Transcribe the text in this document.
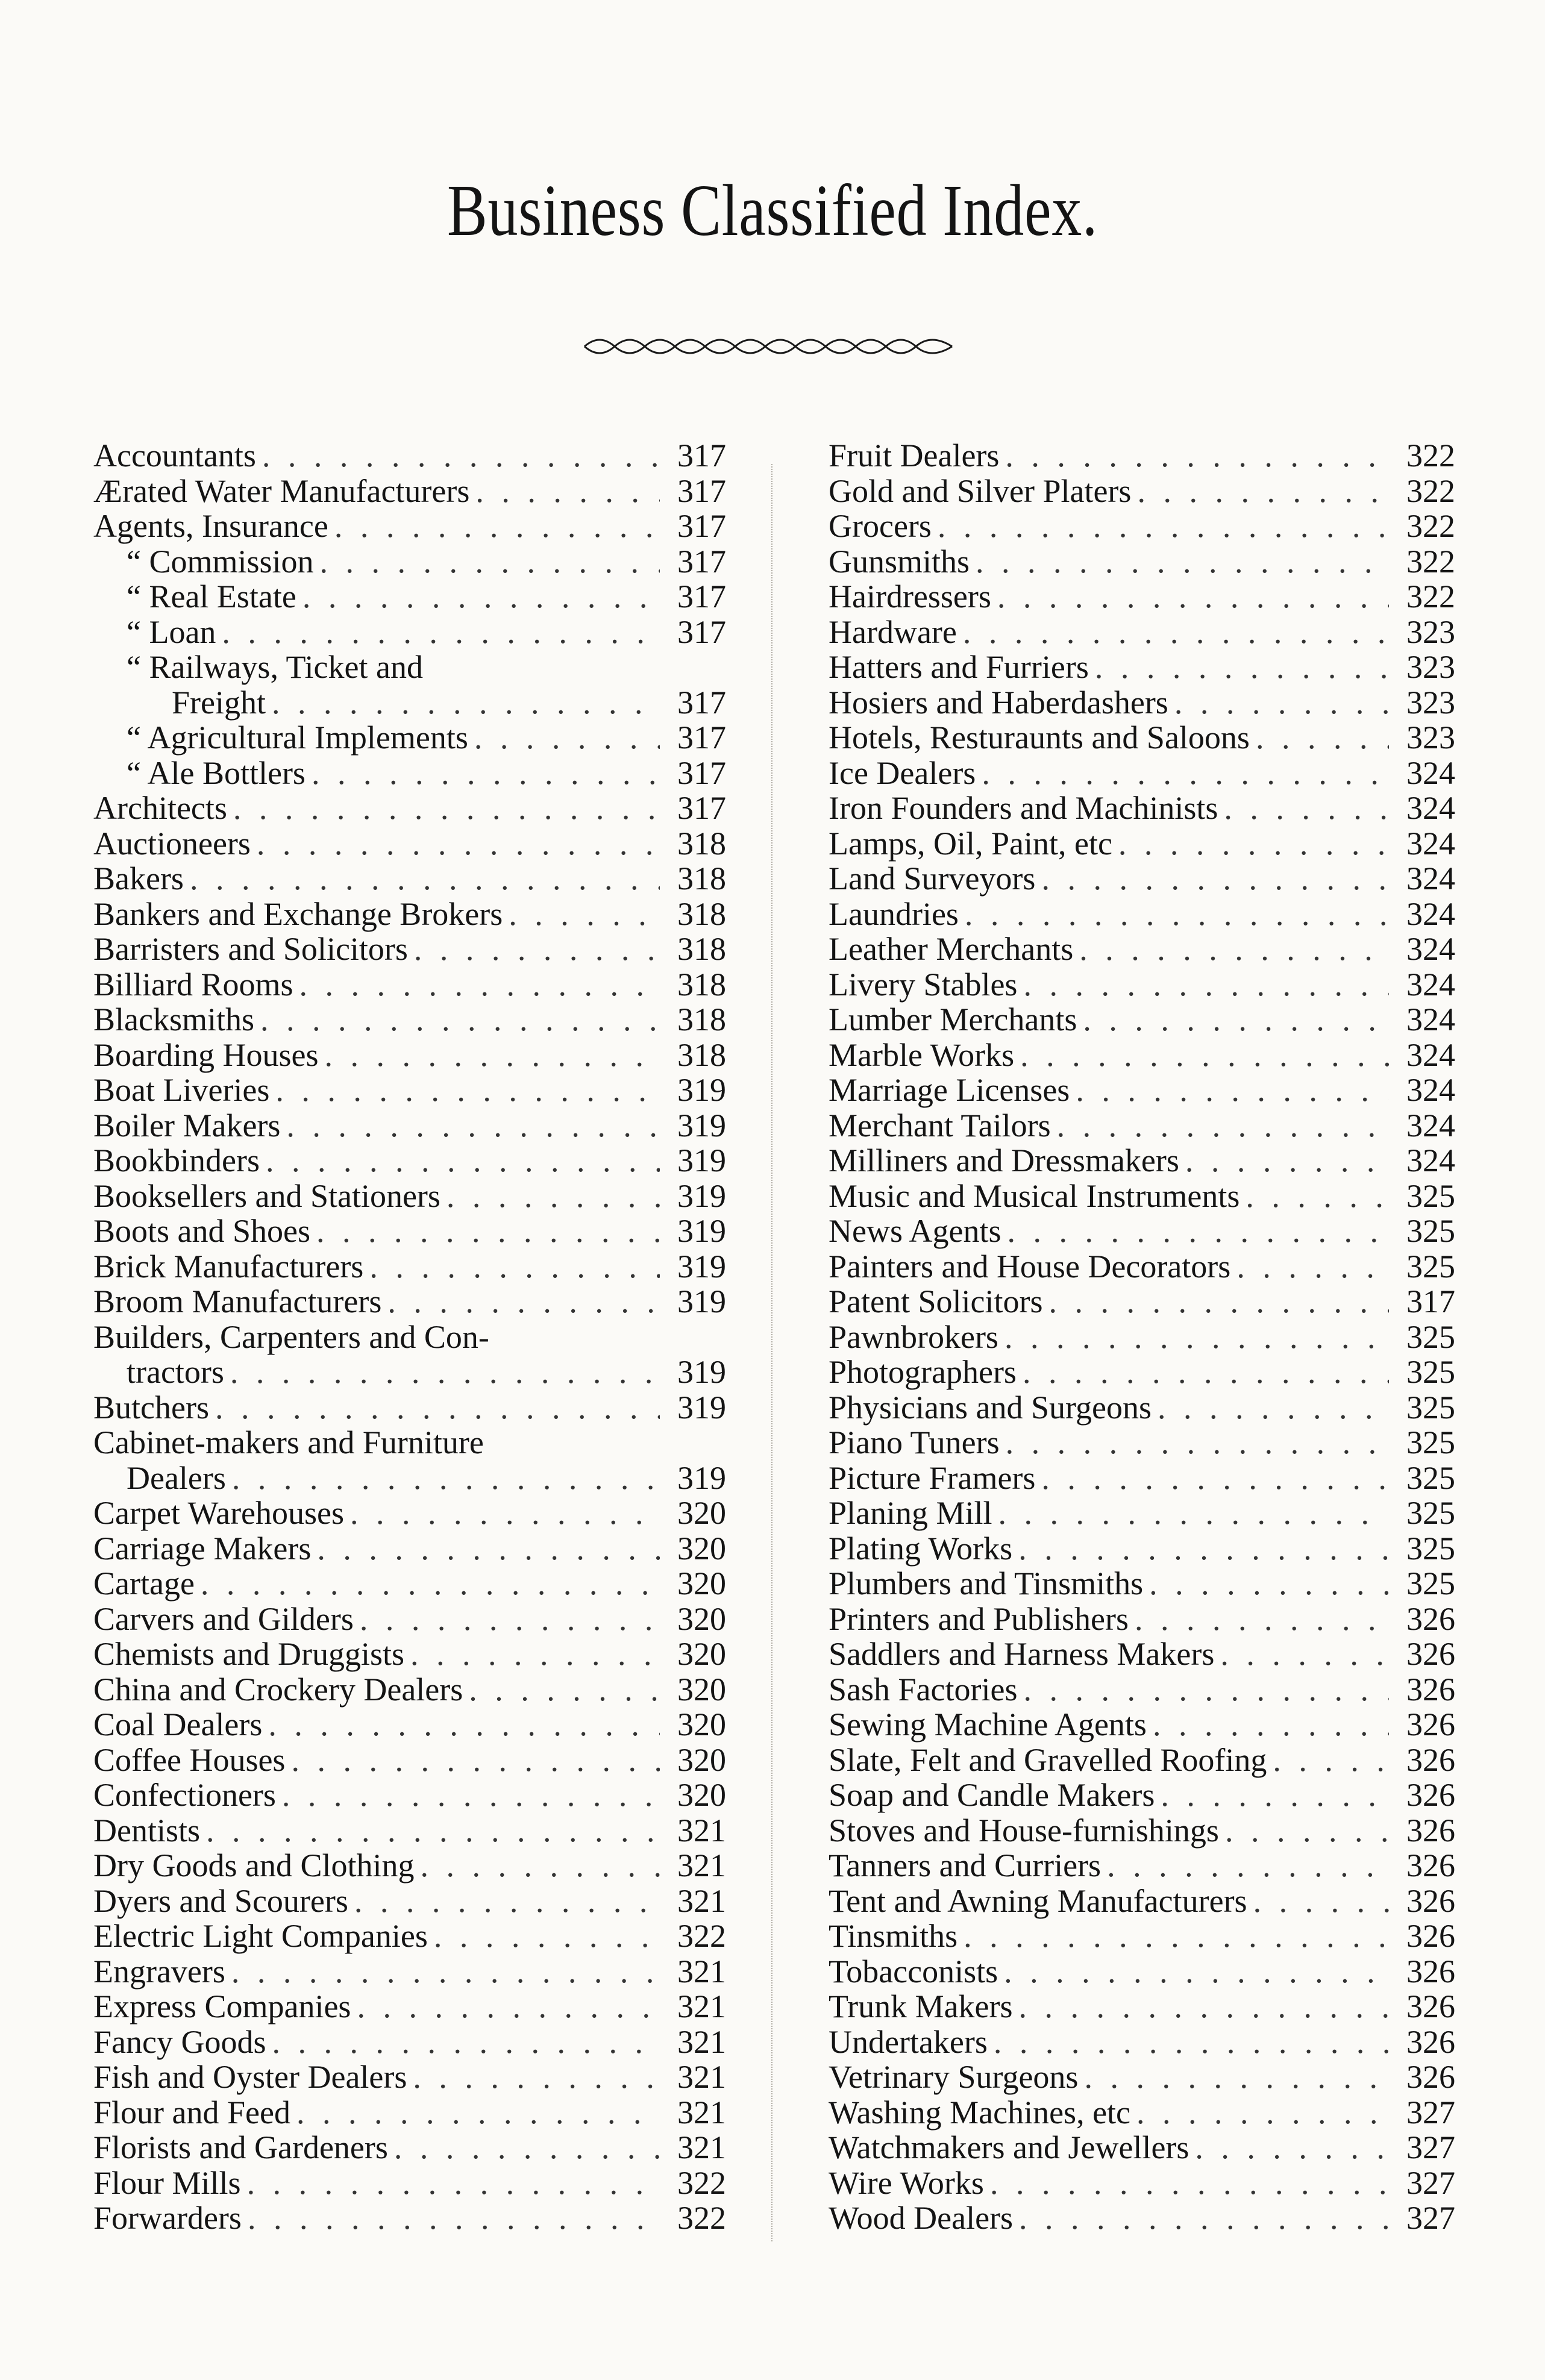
Business Classified Index.
Accountants . . .	317
Ærated Water Manufacturers . . .	317
Agents, Insurance . . .	317
“ Commission . . .	317
“ Real Estate . . .	317
“ Loan . . .	317
“ Railways, Ticket and
Freight . . .	317
“ Agricultural Implements . . .	317
“ Ale Bottlers . . .	317
Architects . . .	317
Auctioneers . . .	318
Bakers . . .	318
Bankers and Exchange Brokers . . .	318
Barristers and Solicitors . . .	318
Billiard Rooms . . .	318
Blacksmiths . . .	318
Boarding Houses . . .	318
Boat Liveries . . .	319
Boiler Makers . . .	319
Bookbinders . . .	319
Booksellers and Stationers . . .	319
Boots and Shoes . . .	319
Brick Manufacturers . . .	319
Broom Manufacturers . . .	319
Builders, Carpenters and Con-
tractors . . .	319
Butchers . . .	319
Cabinet-makers and Furniture
Dealers . . .	319
Carpet Warehouses . . .	320
Carriage Makers . . .	320
Cartage . . .	320
Carvers and Gilders . . .	320
Chemists and Druggists . . .	320
China and Crockery Dealers . . .	320
Coal Dealers . . .	320
Coffee Houses . . .	320
Confectioners . . .	320
Dentists . . .	321
Dry Goods and Clothing . . .	321
Dyers and Scourers . . .	321
Electric Light Companies . . .	322
Engravers . . .	321
Express Companies . . .	321
Fancy Goods . . .	321
Fish and Oyster Dealers . . .	321
Flour and Feed . . .	321
Florists and Gardeners . . .	321
Flour Mills . . .	322
Forwarders . . .	322
Fruit Dealers . . .	322
Gold and Silver Platers . . .	322
Grocers . . .	322
Gunsmiths . . .	322
Hairdressers . . .	322
Hardware . . .	323
Hatters and Furriers . . .	323
Hosiers and Haberdashers . . .	323
Hotels, Resturaunts and Saloons . . .	323
Ice Dealers . . .	324
Iron Founders and Machinists . . .	324
Lamps, Oil, Paint, etc . . .	324
Land Surveyors . . .	324
Laundries . . .	324
Leather Merchants . . .	324
Livery Stables . . .	324
Lumber Merchants . . .	324
Marble Works . . .	324
Marriage Licenses . . .	324
Merchant Tailors . . .	324
Milliners and Dressmakers . . .	324
Music and Musical Instruments . . .	325
News Agents . . .	325
Painters and House Decorators . . .	325
Patent Solicitors . . .	317
Pawnbrokers . . .	325
Photographers . . .	325
Physicians and Surgeons . . .	325
Piano Tuners . . .	325
Picture Framers . . .	325
Planing Mill . . .	325
Plating Works . . .	325
Plumbers and Tinsmiths . . .	325
Printers and Publishers . . .	326
Saddlers and Harness Makers . . .	326
Sash Factories . . .	326
Sewing Machine Agents . . .	326
Slate, Felt and Gravelled Roofing . . .	326
Soap and Candle Makers . . .	326
Stoves and House-furnishings . . .	326
Tanners and Curriers . . .	326
Tent and Awning Manufacturers . . .	326
Tinsmiths . . .	326
Tobacconists . . .	326
Trunk Makers . . .	326
Undertakers . . .	326
Vetrinary Surgeons . . .	326
Washing Machines, etc . . .	327
Watchmakers and Jewellers . . .	327
Wire Works . . .	327
Wood Dealers . . .	327
